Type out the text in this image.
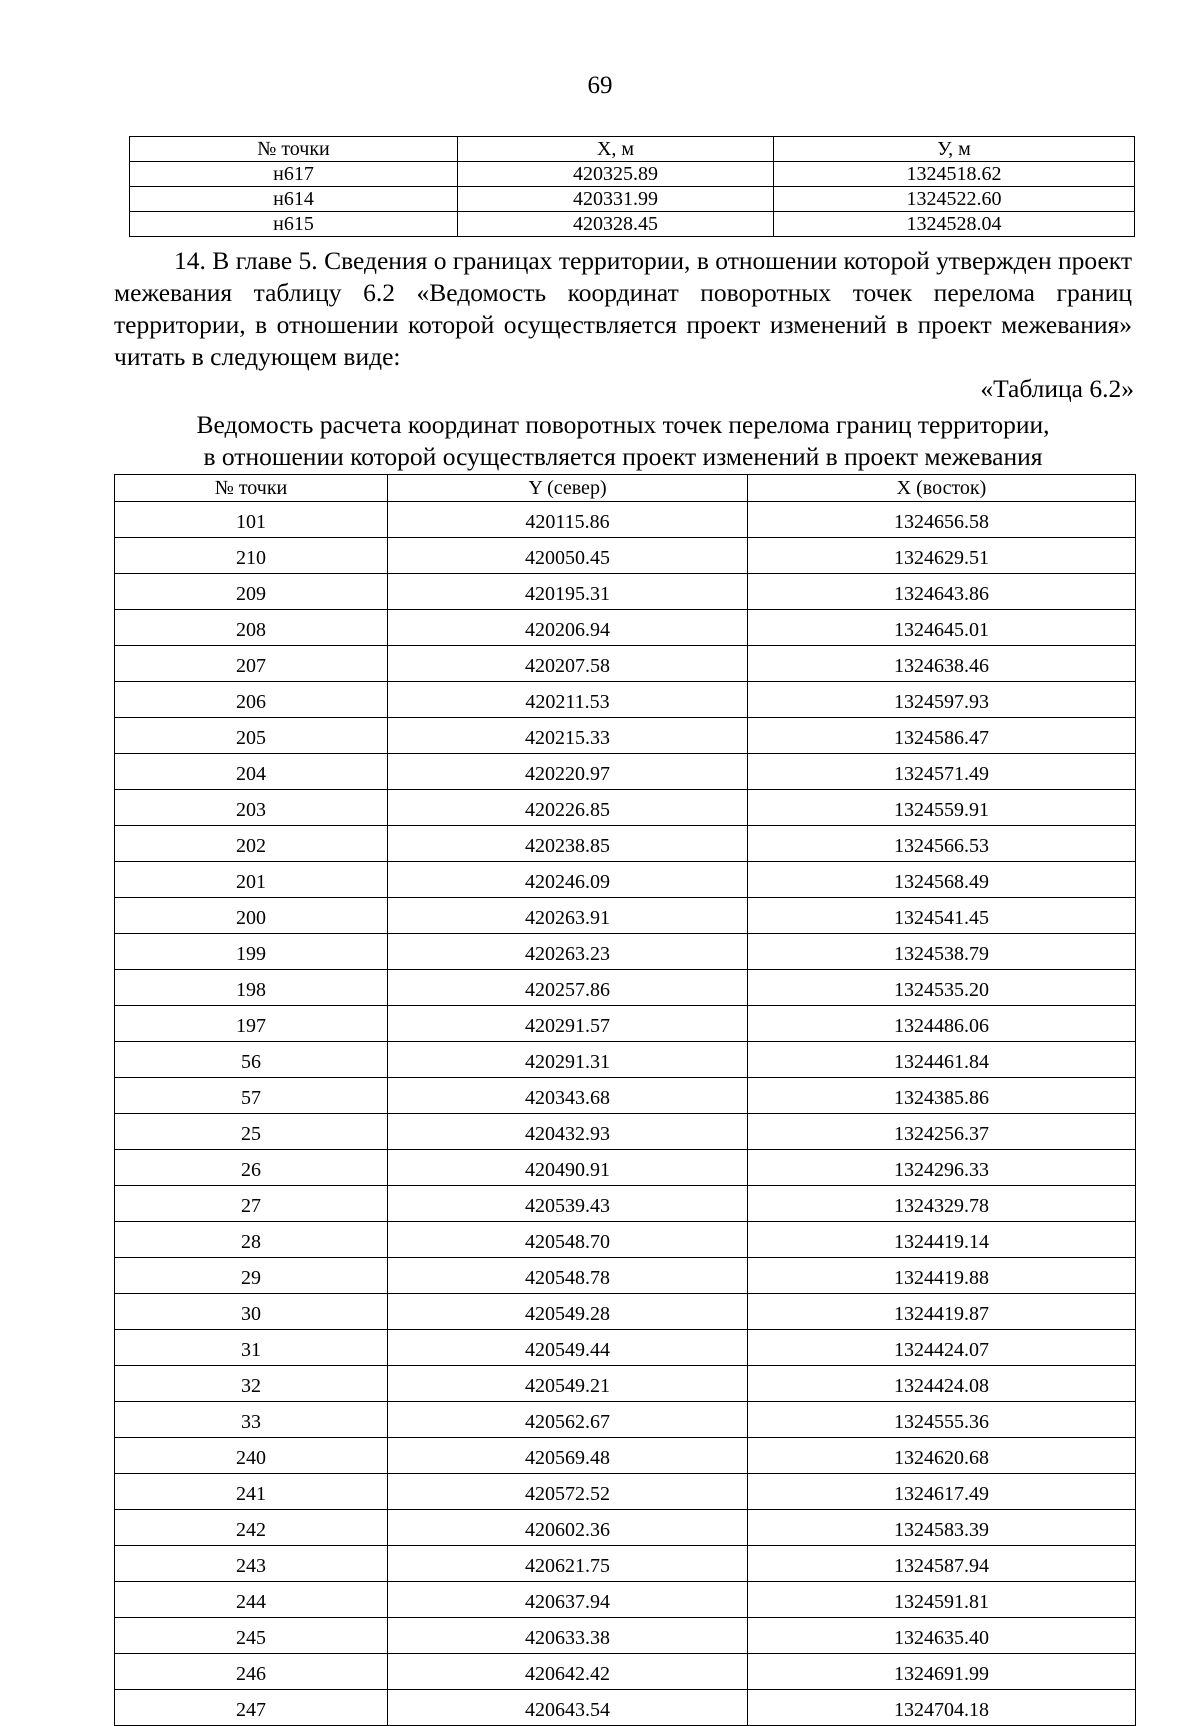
69
№ точки	X, м	У, м
н617	420325.89	1324518.62
н614	420331.99	1324522.60
н615	420328.45	1324528.04
14. В главе 5. Сведения о границах территории, в отношении которой утвержден проект межевания таблицу 6.2 «Ведомость координат поворотных точек перелома границ территории, в отношении которой осуществляется проект изменений в проект межевания» читать в следующем виде:
«Таблица 6.2»
Ведомость расчета координат поворотных точек перелома границ территории,
в отношении которой осуществляется проект изменений в проект межевания
№ точки	Y (север)	X (восток)
101	420115.86	1324656.58
210	420050.45	1324629.51
209	420195.31	1324643.86
208	420206.94	1324645.01
207	420207.58	1324638.46
206	420211.53	1324597.93
205	420215.33	1324586.47
204	420220.97	1324571.49
203	420226.85	1324559.91
202	420238.85	1324566.53
201	420246.09	1324568.49
200	420263.91	1324541.45
199	420263.23	1324538.79
198	420257.86	1324535.20
197	420291.57	1324486.06
56	420291.31	1324461.84
57	420343.68	1324385.86
25	420432.93	1324256.37
26	420490.91	1324296.33
27	420539.43	1324329.78
28	420548.70	1324419.14
29	420548.78	1324419.88
30	420549.28	1324419.87
31	420549.44	1324424.07
32	420549.21	1324424.08
33	420562.67	1324555.36
240	420569.48	1324620.68
241	420572.52	1324617.49
242	420602.36	1324583.39
243	420621.75	1324587.94
244	420637.94	1324591.81
245	420633.38	1324635.40
246	420642.42	1324691.99
247	420643.54	1324704.18
